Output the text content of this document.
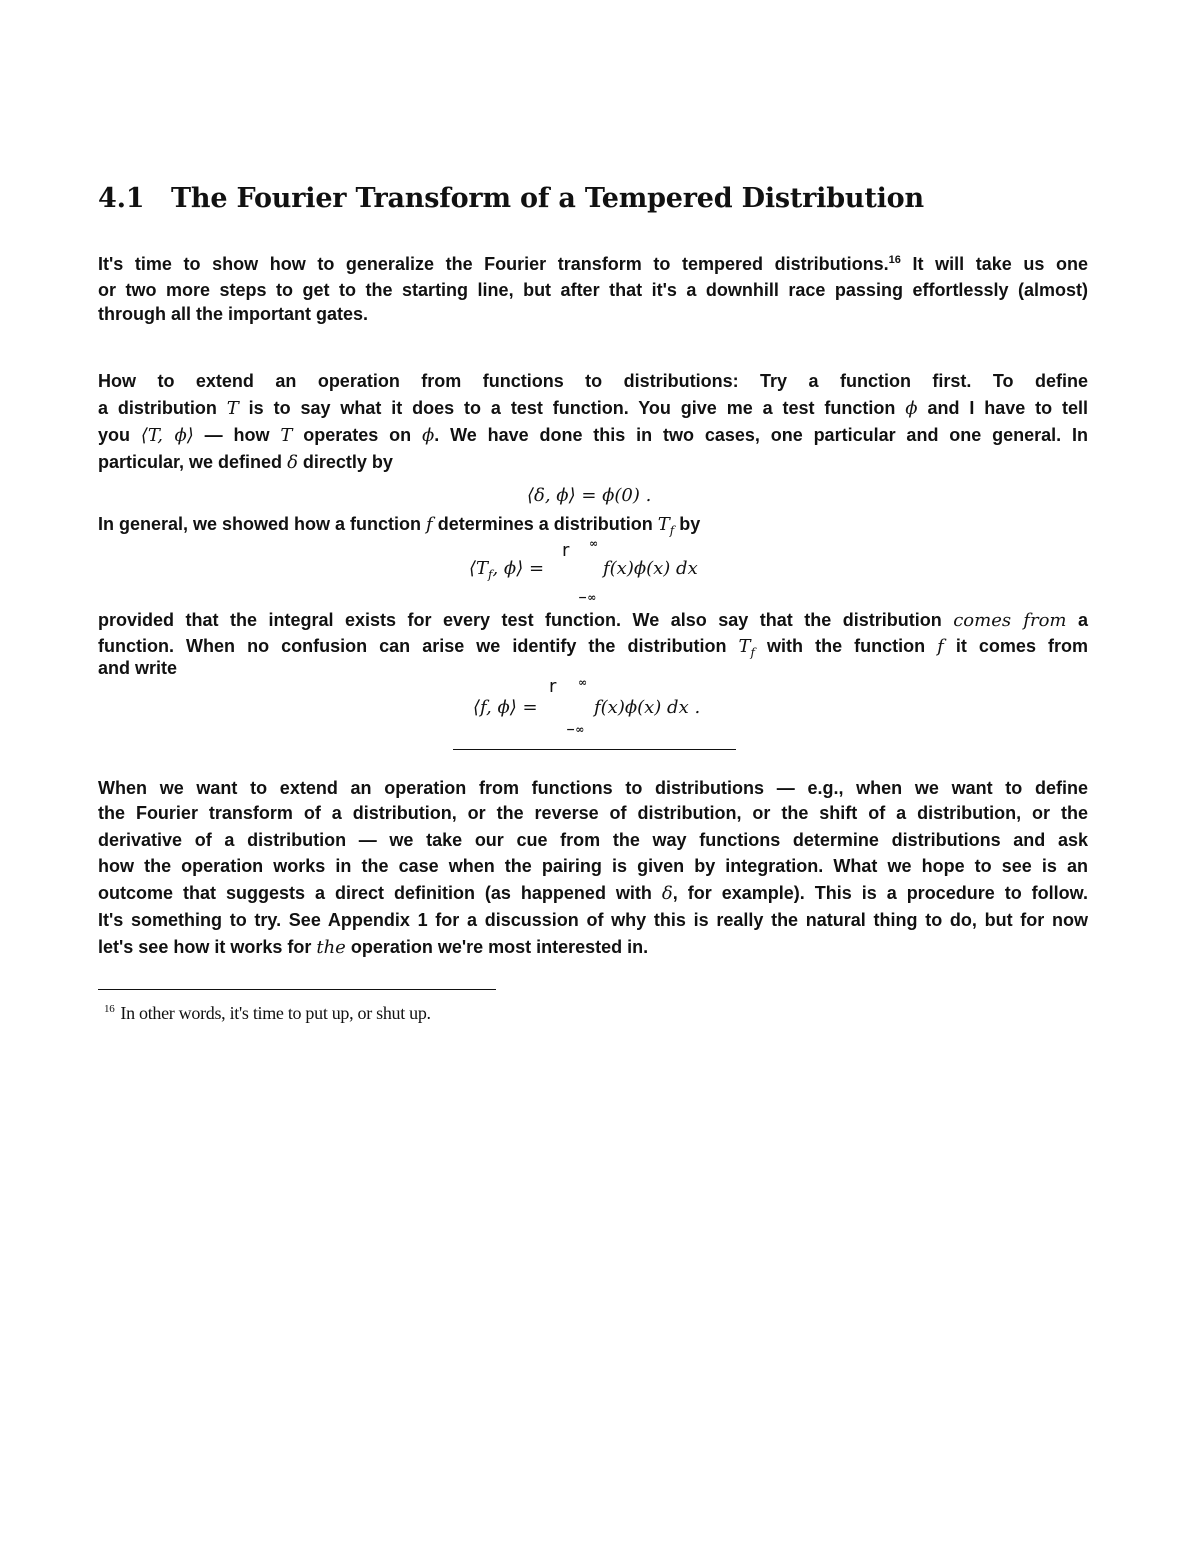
4.1 The Fourier Transform of a Tempered Distribution
It's time to show how to generalize the Fourier transform to tempered distributions.$^{16}$ It will take us one
or two more steps to get to the starting line, but after that it's a downhill race passing effortlessly (almost)
through all the important gates.
How to extend an operation from functions to distributions: Try a function first. To define
a distribution T is to say what it does to a test function. You give me a test function ϕ and I have to tell
you ⟨T, ϕ⟩ — how T operates on ϕ. We have done this in two cases, one particular and one general. In
particular, we defined δ directly by
⟨δ, ϕ⟩ = ϕ(0) .
In general, we showed how a function f determines a distribution $T_f$ by
$⟨T_f$, ϕ⟩ =
r ∞
−∞
f(x)ϕ(x) dx
provided that the integral exists for every test function. We also say that the distribution comes from a
function. When no confusion can arise we identify the distribution $T_f$ with the function f it comes from
and write
⟨f, ϕ⟩ =
r ∞
−∞
f(x)ϕ(x) dx .
When we want to extend an operation from functions to distributions — e.g., when we want to define
the Fourier transform of a distribution, or the reverse of distribution, or the shift of a distribution, or the
derivative of a distribution — we take our cue from the way functions determine distributions and ask
how the operation works in the case when the pairing is given by integration. What we hope to see is an
outcome that suggests a direct definition (as happened with δ, for example). This is a procedure to follow.
It's something to try. See Appendix 1 for a discussion of why this is really the natural thing to do, but for now
let's see how it works for the operation we're most interested in.
$^{16}$ In other words, it's time to put up, or shut up.
